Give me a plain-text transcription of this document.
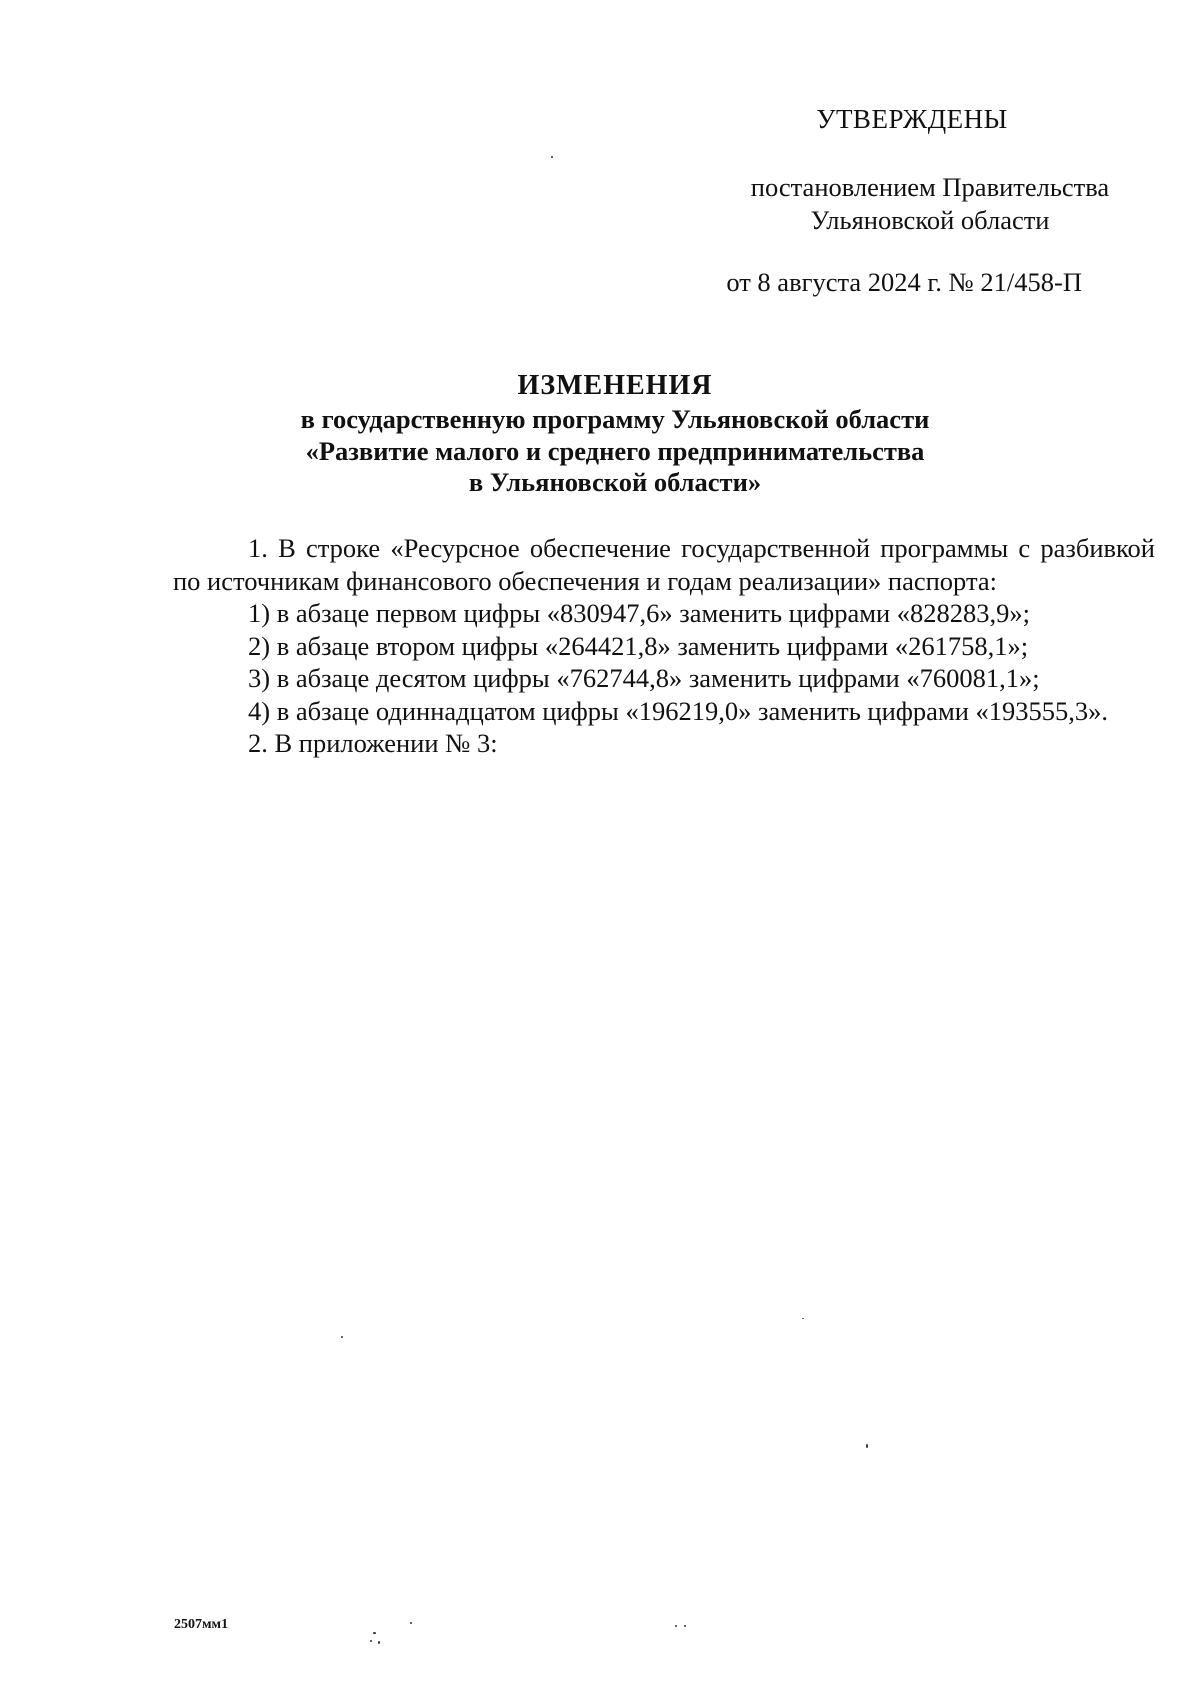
УТВЕРЖДЕНЫ
постановлением Правительства
Ульяновской области
от 8 августа 2024 г. № 21/458-П
ИЗМЕНЕНИЯ
в государственную программу Ульяновской области
«Развитие малого и среднего предпринимательства
в Ульяновской области»

1. В строке «Ресурсное обеспечение государственной программы с разбивкой по источникам финансового обеспечения и годам реализации» паспорта:

1) в абзаце первом цифры «830947,6» заменить цифрами «828283,9»;

2) в абзаце втором цифры «264421,8» заменить цифрами «261758,1»;

3) в абзаце десятом цифры «762744,8» заменить цифрами «760081,1»;

4) в абзаце одиннадцатом цифры «196219,0» заменить цифрами «193555,3».

2. В приложении № 3:

2507мм1
